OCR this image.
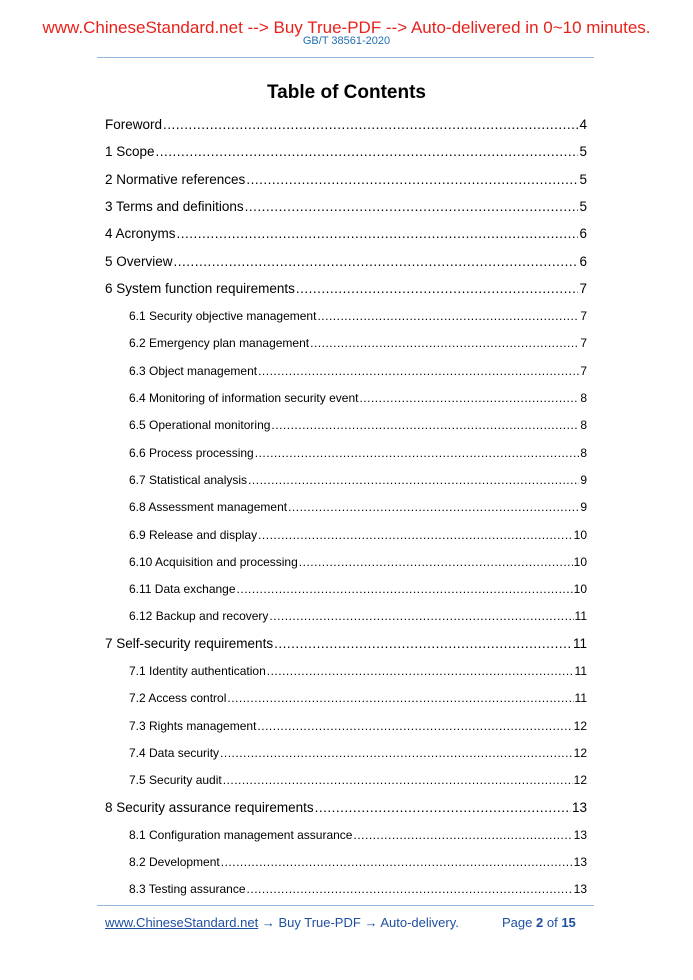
www.ChineseStandard.net --> Buy True-PDF --> Auto-delivered in 0~10 minutes.
GB/T 38561-2020
Table of Contents
Foreword .....	4
1 Scope .....	5
2 Normative references .....	5
3 Terms and definitions .....	5
4 Acronyms .....	6
5 Overview .....	6
6 System function requirements .....	7
6.1 Security objective management .....	7
6.2 Emergency plan management .....	7
6.3 Object management .....	7
6.4 Monitoring of information security event .....	8
6.5 Operational monitoring .....	8
6.6 Process processing .....	8
6.7 Statistical analysis .....	9
6.8 Assessment management .....	9
6.9 Release and display .....	10
6.10 Acquisition and processing .....	10
6.11 Data exchange .....	10
6.12 Backup and recovery .....	11
7 Self-security requirements .....	11
7.1 Identity authentication .....	11
7.2 Access control .....	11
7.3 Rights management .....	12
7.4 Data security .....	12
7.5 Security audit .....	12
8 Security assurance requirements .....	13
8.1 Configuration management assurance .....	13
8.2 Development .....	13
8.3 Testing assurance .....	13
www.ChineseStandard.net → Buy True-PDF → Auto-delivery.	Page 2 of 15
